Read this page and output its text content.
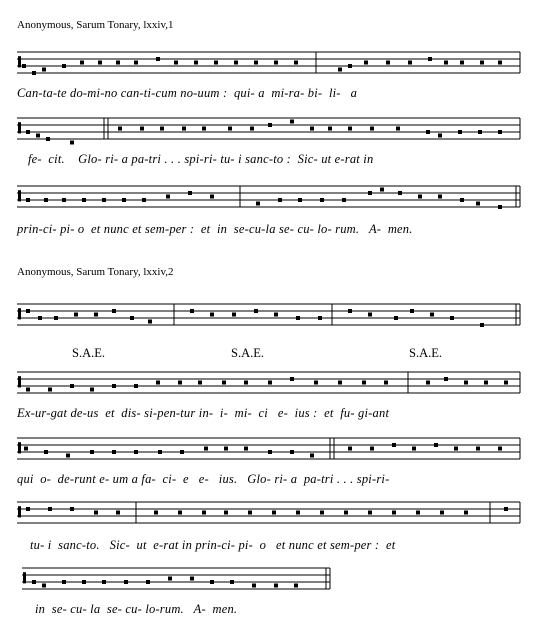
Anonymous, Sarum Tonary, lxxiv,1
Can-ta-te do-mi-no can-ti-cum no-uum :  qui- a  mi-ra- bi-  li-   a
fe-  cit.    Glo- ri- a pa-tri . . . spi-ri- tu- i sanc-to :  Sic- ut e-rat in
prin-ci- pi- o  et nunc et sem-per :  et  in  se-cu-la se- cu- lo- rum.   A-  men.
Anonymous, Sarum Tonary, lxxiv,2
S.A.E.	S.A.E.	S.A.E.
Ex-ur-gat de-us  et  dis- si-pen-tur in-  i-  mi-  ci   e-  ius :  et  fu- gi-ant
qui  o-  de-runt e- um a fa-  ci-  e   e-   ius.   Glo- ri- a  pa-tri . . . spi-ri-
tu- i  sanc-to.   Sic-  ut  e-rat in prin-ci- pi-  o   et nunc et sem-per :  et
in  se- cu- la  se- cu- lo-rum.   A-  men.
